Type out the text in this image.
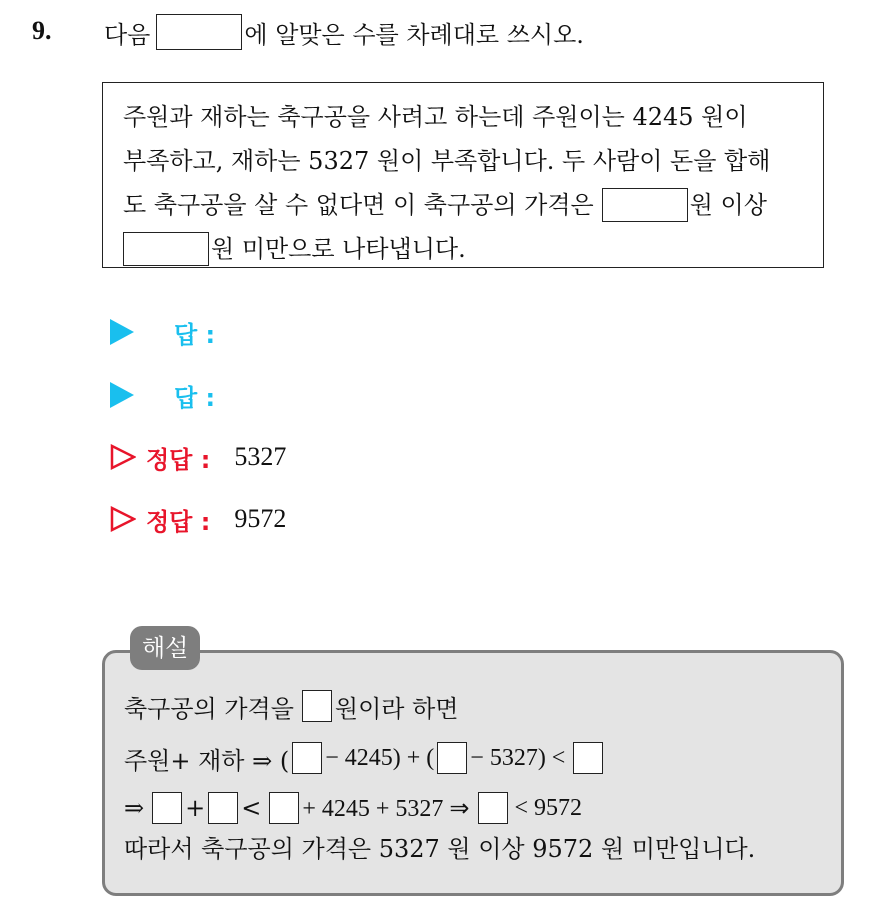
9. 다음	에 알맞은 수를 차례대로 쓰시오.
주원과 재하는 축구공을 사려고 하는데 주원이는 4245 원이
부족하고, 재하는 5327 원이 부족합니다. 두 사람이 돈을 합해
도 축구공을 살 수 없다면 이 축구공의 가격은	원 이상
원 미만으로 나타냅니다.
답 :
답 :
정답 : 5327
정답 : 9572
해설
축구공의 가격을 원이라 하면
주원+ 재하 ⇒ ( − 4245) + ( − 5327) <
⇒ + < + 4245 + 5327 ⇒ < 9572
따라서 축구공의 가격은 5327 원 이상 9572 원 미만입니다.
